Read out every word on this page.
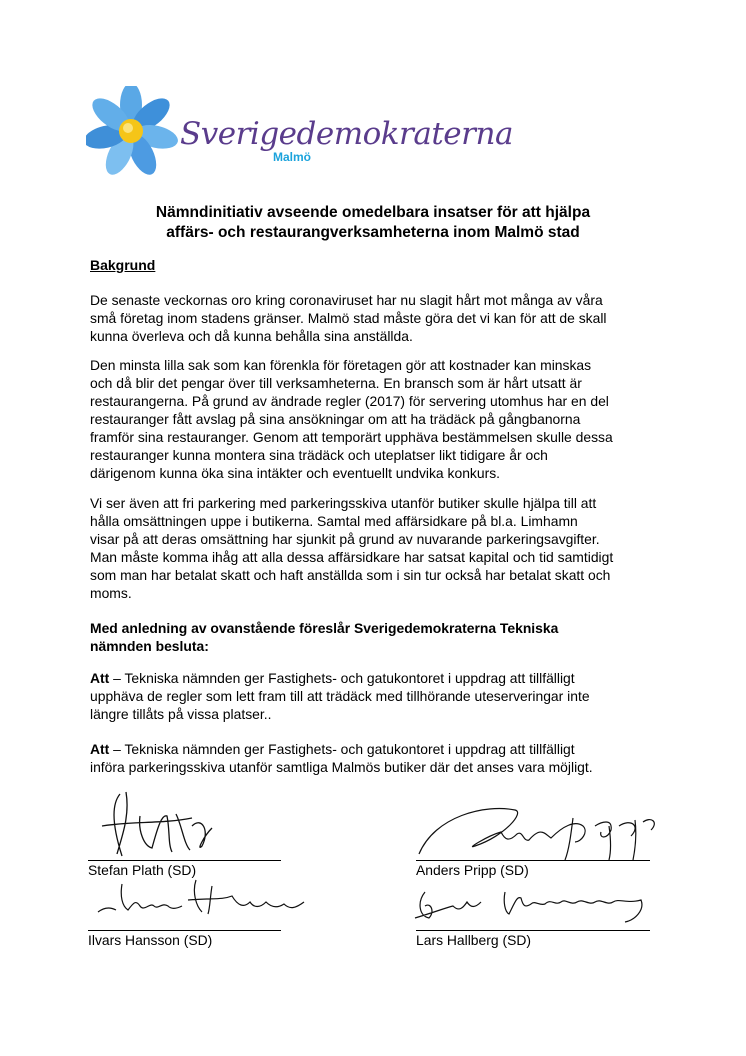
Sverigedemokraterna
Malmö
Nämndinitiativ avseende omedelbara insatser för att hjälpa
affärs- och restaurangverksamheterna inom Malmö stad
Bakgrund

De senaste veckornas oro kring coronaviruset har nu slagit hårt mot många av våra

små företag inom stadens gränser. Malmö stad måste göra det vi kan för att de skall

kunna överleva och då kunna behålla sina anställda.

Den minsta lilla sak som kan förenkla för företagen gör att kostnader kan minskas

och då blir det pengar över till verksamheterna. En bransch som är hårt utsatt är

restaurangerna. På grund av ändrade regler (2017) för servering utomhus har en del

restauranger fått avslag på sina ansökningar om att ha trädäck på gångbanorna

framför sina restauranger. Genom att temporärt upphäva bestämmelsen skulle dessa

restauranger kunna montera sina trädäck och uteplatser likt tidigare år och

därigenom kunna öka sina intäkter och eventuellt undvika konkurs.

Vi ser även att fri parkering med parkeringsskiva utanför butiker skulle hjälpa till att

hålla omsättningen uppe i butikerna. Samtal med affärsidkare på bl.a. Limhamn

visar på att deras omsättning har sjunkit på grund av nuvarande parkeringsavgifter.

Man måste komma ihåg att alla dessa affärsidkare har satsat kapital och tid samtidigt

som man har betalat skatt och haft anställda som i sin tur också har betalat skatt och

moms.

Med anledning av ovanstående föreslår Sverigedemokraterna Tekniska

nämnden besluta:

Att – Tekniska nämnden ger Fastighets- och gatukontoret i uppdrag att tillfälligt

upphäva de regler som lett fram till att trädäck med tillhörande uteserveringar inte

längre tillåts på vissa platser..

Att – Tekniska nämnden ger Fastighets- och gatukontoret i uppdrag att tillfälligt

införa parkeringsskiva utanför samtliga Malmös butiker där det anses vara möjligt.

Stefan Plath (SD)	Anders Pripp (SD)
Ilvars Hansson (SD)	Lars Hallberg (SD)
